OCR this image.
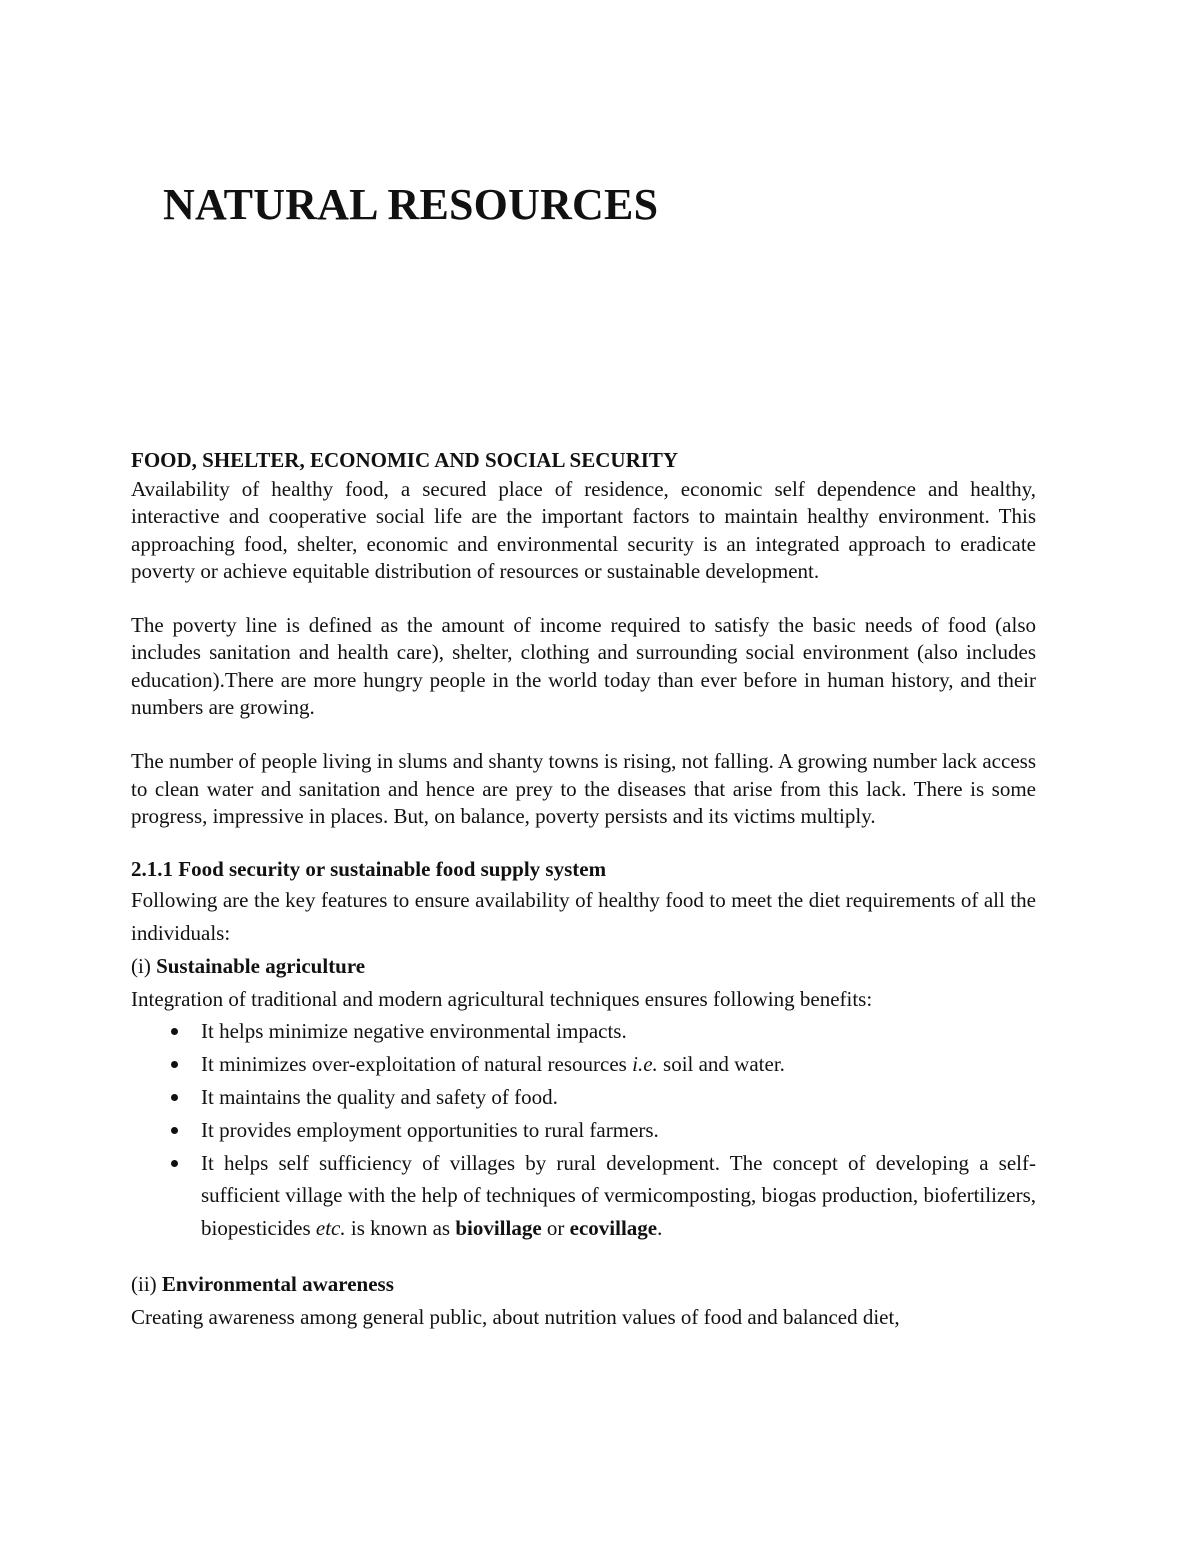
NATURAL RESOURCES
FOOD, SHELTER, ECONOMIC AND SOCIAL SECURITY

Availability of healthy food, a secured place of residence, economic self dependence and healthy, interactive and cooperative social life are the important factors to maintain healthy environment. This approaching food, shelter, economic and environmental security is an integrated approach to eradicate poverty or achieve equitable distribution of resources or sustainable development.

The poverty line is defined as the amount of income required to satisfy the basic needs of food (also includes sanitation and health care), shelter, clothing and surrounding social environment (also includes education).There are more hungry people in the world today than ever before in human history, and their numbers are growing.

The number of people living in slums and shanty towns is rising, not falling. A growing number lack access to clean water and sanitation and hence are prey to the diseases that arise from this lack. There is some progress, impressive in places. But, on balance, poverty persists and its victims multiply.

2.1.1 Food security or sustainable food supply system

Following are the key features to ensure availability of healthy food to meet the diet requirements of all the individuals:

(i) Sustainable agriculture

Integration of traditional and modern agricultural techniques ensures following benefits:

It helps minimize negative environmental impacts.
It minimizes over-exploitation of natural resources i.e. soil and water.
It maintains the quality and safety of food.
It provides employment opportunities to rural farmers.
It helps self sufficiency of villages by rural development. The concept of developing a self-sufficient village with the help of techniques of vermicomposting, biogas production, biofertilizers, biopesticides etc. is known as biovillage or ecovillage.

(ii) Environmental awareness

Creating awareness among general public, about nutrition values of food and balanced diet,
